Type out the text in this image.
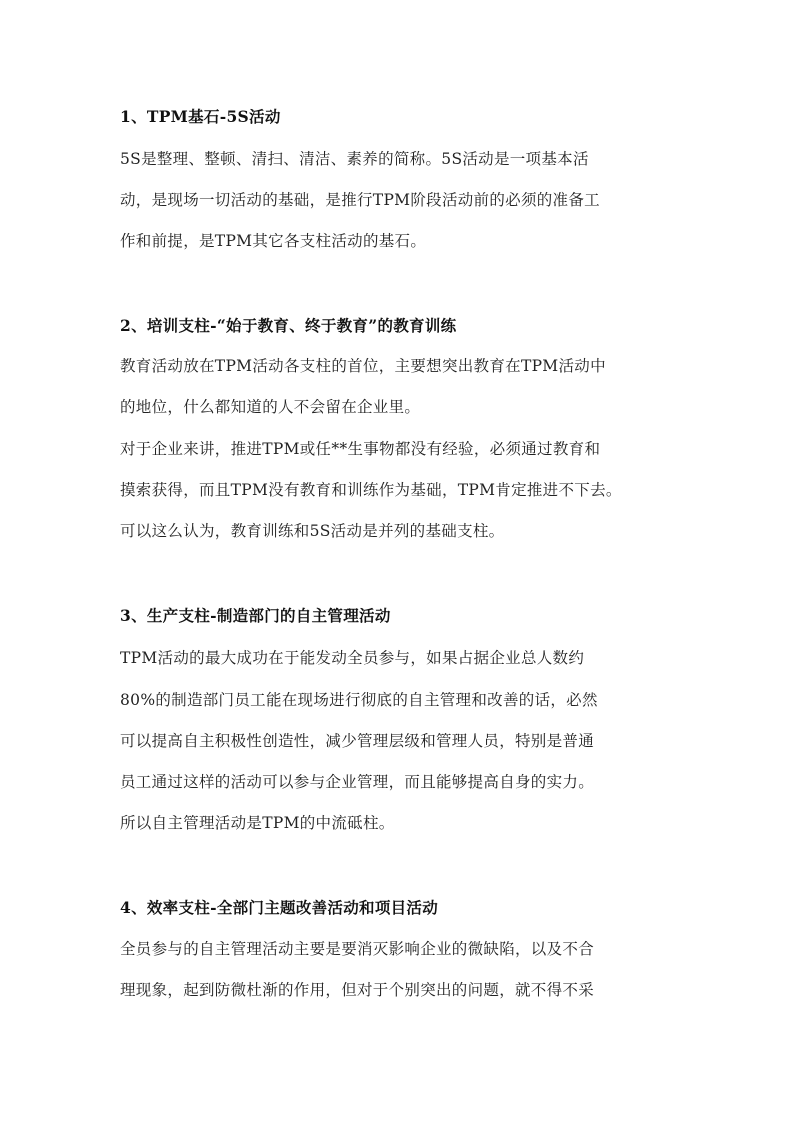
1、TPM基石-5S活动
5S是整理、整顿、清扫、清洁、素养的简称。5S活动是一项基本活
动，是现场一切活动的基础，是推行TPM阶段活动前的必须的准备工
作和前提，是TPM其它各支柱活动的基石。
2、培训支柱-“始于教育、终于教育”的教育训练
教育活动放在TPM活动各支柱的首位，主要想突出教育在TPM活动中
的地位，什么都知道的人不会留在企业里。
对于企业来讲，推进TPM或任**生事物都没有经验，必须通过教育和
摸索获得，而且TPM没有教育和训练作为基础，TPM肯定推进不下去。
可以这么认为，教育训练和5S活动是并列的基础支柱。
3、生产支柱-制造部门的自主管理活动
TPM活动的最大成功在于能发动全员参与，如果占据企业总人数约
80%的制造部门员工能在现场进行彻底的自主管理和改善的话，必然
可以提高自主积极性创造性，减少管理层级和管理人员，特别是普通
员工通过这样的活动可以参与企业管理，而且能够提高自身的实力。
所以自主管理活动是TPM的中流砥柱。
4、效率支柱-全部门主题改善活动和项目活动
全员参与的自主管理活动主要是要消灭影响企业的微缺陷，以及不合
理现象，起到防微杜渐的作用，但对于个别突出的问题，就不得不采
